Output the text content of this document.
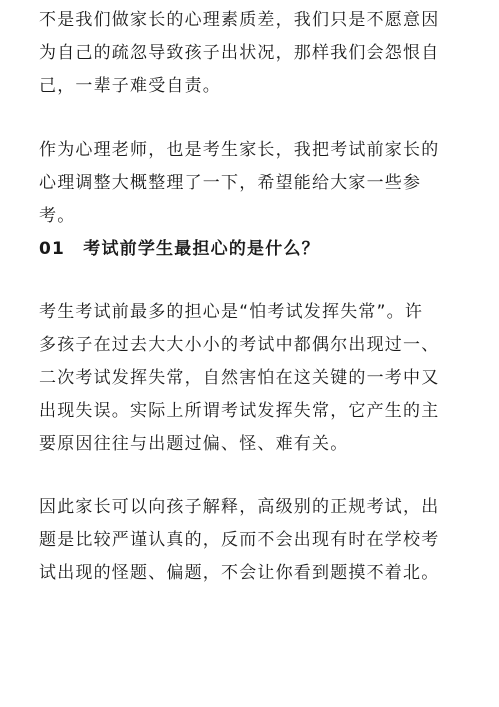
不是我们做家长的心理素质差，我们只是不愿意因
为自己的疏忽导致孩子出状况，那样我们会怨恨自
己，一辈子难受自责。

作为心理老师，也是考生家长，我把考试前家长的
心理调整大概整理了一下，希望能给大家一些参
考。

01　考试前学生最担心的是什么？

考生考试前最多的担心是“怕考试发挥失常”。许
多孩子在过去大大小小的考试中都偶尔出现过一、
二次考试发挥失常，自然害怕在这关键的一考中又
出现失误。实际上所谓考试发挥失常，它产生的主
要原因往往与出题过偏、怪、难有关。

因此家长可以向孩子解释，高级别的正规考试，出
题是比较严谨认真的，反而不会出现有时在学校考
试出现的怪题、偏题，不会让你看到题摸不着北。
